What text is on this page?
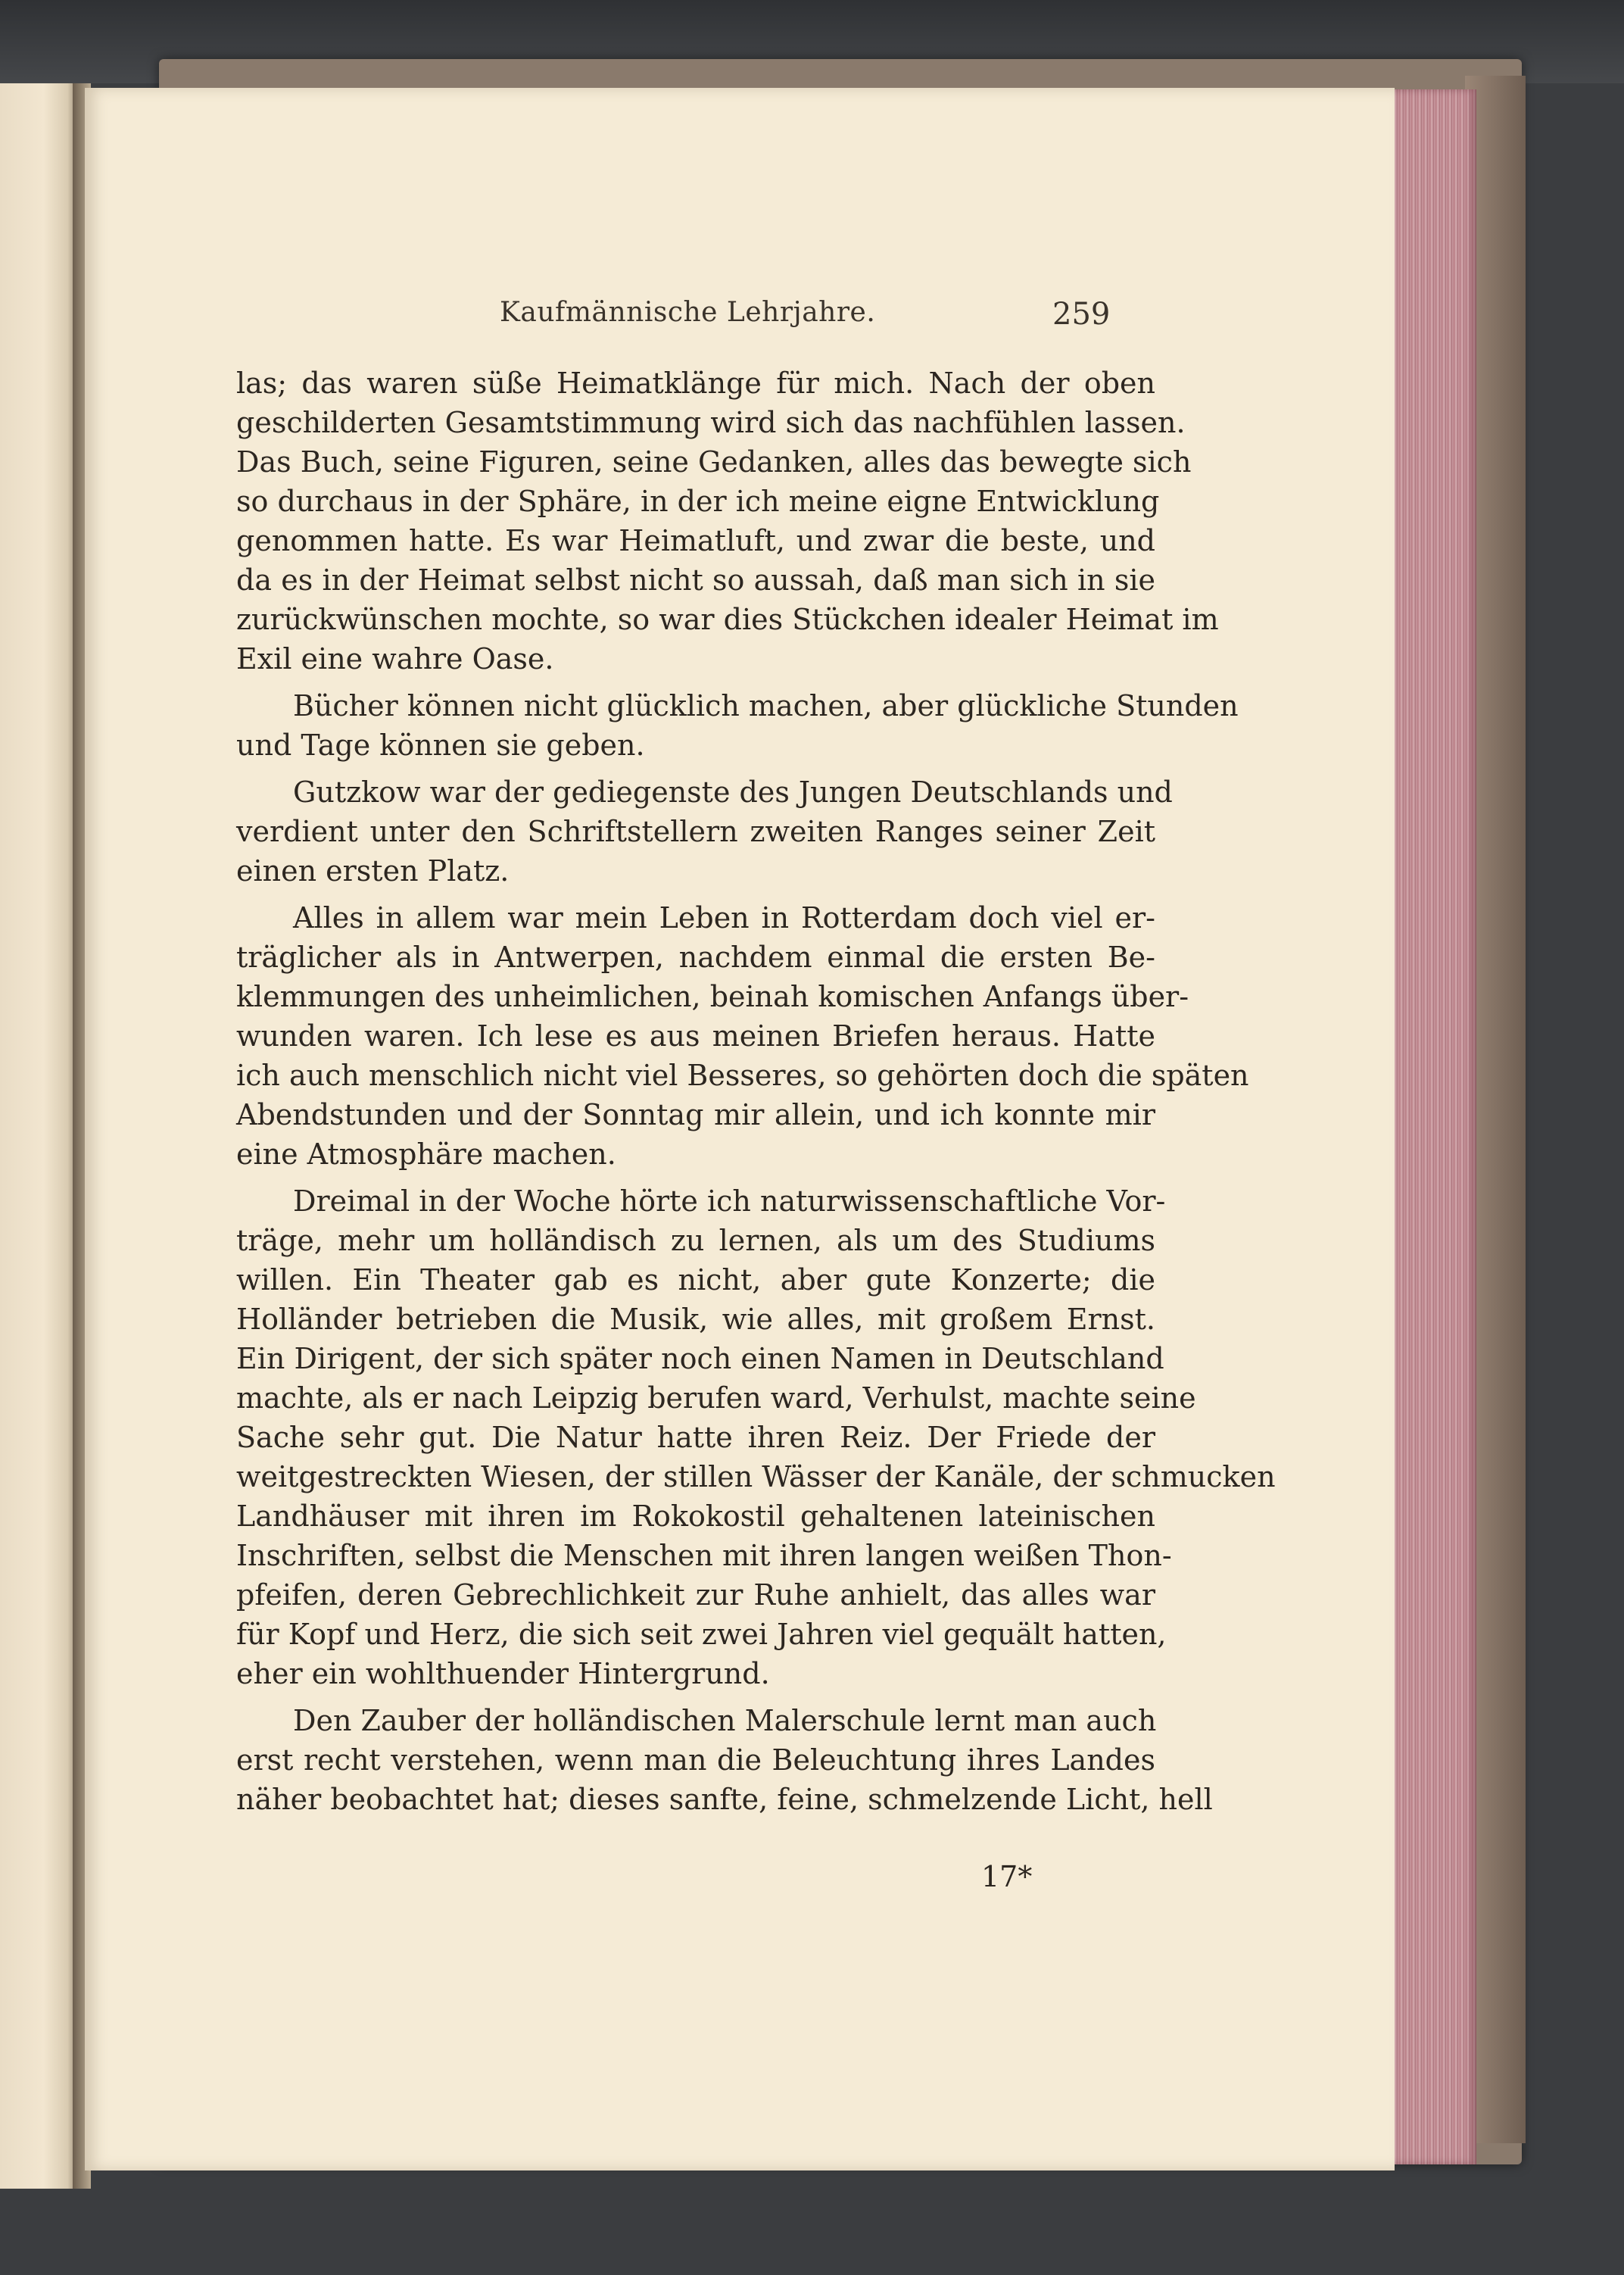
Kaufmännische Lehrjahre.	259
las; das waren süße Heimatklänge für mich. Nach der oben
geschilderten Gesamtstimmung wird sich das nachfühlen lassen.
Das Buch, seine Figuren, seine Gedanken, alles das bewegte sich
so durchaus in der Sphäre, in der ich meine eigne Entwicklung
genommen hatte. Es war Heimatluft, und zwar die beste, und
da es in der Heimat selbst nicht so aussah, daß man sich in sie
zurückwünschen mochte, so war dies Stückchen idealer Heimat im
Exil eine wahre Oase.
Bücher können nicht glücklich machen, aber glückliche Stunden
und Tage können sie geben.
Gutzkow war der gediegenste des Jungen Deutschlands und
verdient unter den Schriftstellern zweiten Ranges seiner Zeit
einen ersten Platz.
Alles in allem war mein Leben in Rotterdam doch viel er-
träglicher als in Antwerpen, nachdem einmal die ersten Be-
klemmungen des unheimlichen, beinah komischen Anfangs über-
wunden waren. Ich lese es aus meinen Briefen heraus. Hatte
ich auch menschlich nicht viel Besseres, so gehörten doch die späten
Abendstunden und der Sonntag mir allein, und ich konnte mir
eine Atmosphäre machen.
Dreimal in der Woche hörte ich naturwissenschaftliche Vor-
träge, mehr um holländisch zu lernen, als um des Studiums
willen. Ein Theater gab es nicht, aber gute Konzerte; die
Holländer betrieben die Musik, wie alles, mit großem Ernst.
Ein Dirigent, der sich später noch einen Namen in Deutschland
machte, als er nach Leipzig berufen ward, Verhulst, machte seine
Sache sehr gut. Die Natur hatte ihren Reiz. Der Friede der
weitgestreckten Wiesen, der stillen Wässer der Kanäle, der schmucken
Landhäuser mit ihren im Rokokostil gehaltenen lateinischen
Inschriften, selbst die Menschen mit ihren langen weißen Thon-
pfeifen, deren Gebrechlichkeit zur Ruhe anhielt, das alles war
für Kopf und Herz, die sich seit zwei Jahren viel gequält hatten,
eher ein wohlthuender Hintergrund.
Den Zauber der holländischen Malerschule lernt man auch
erst recht verstehen, wenn man die Beleuchtung ihres Landes
näher beobachtet hat; dieses sanfte, feine, schmelzende Licht, hell
17*
